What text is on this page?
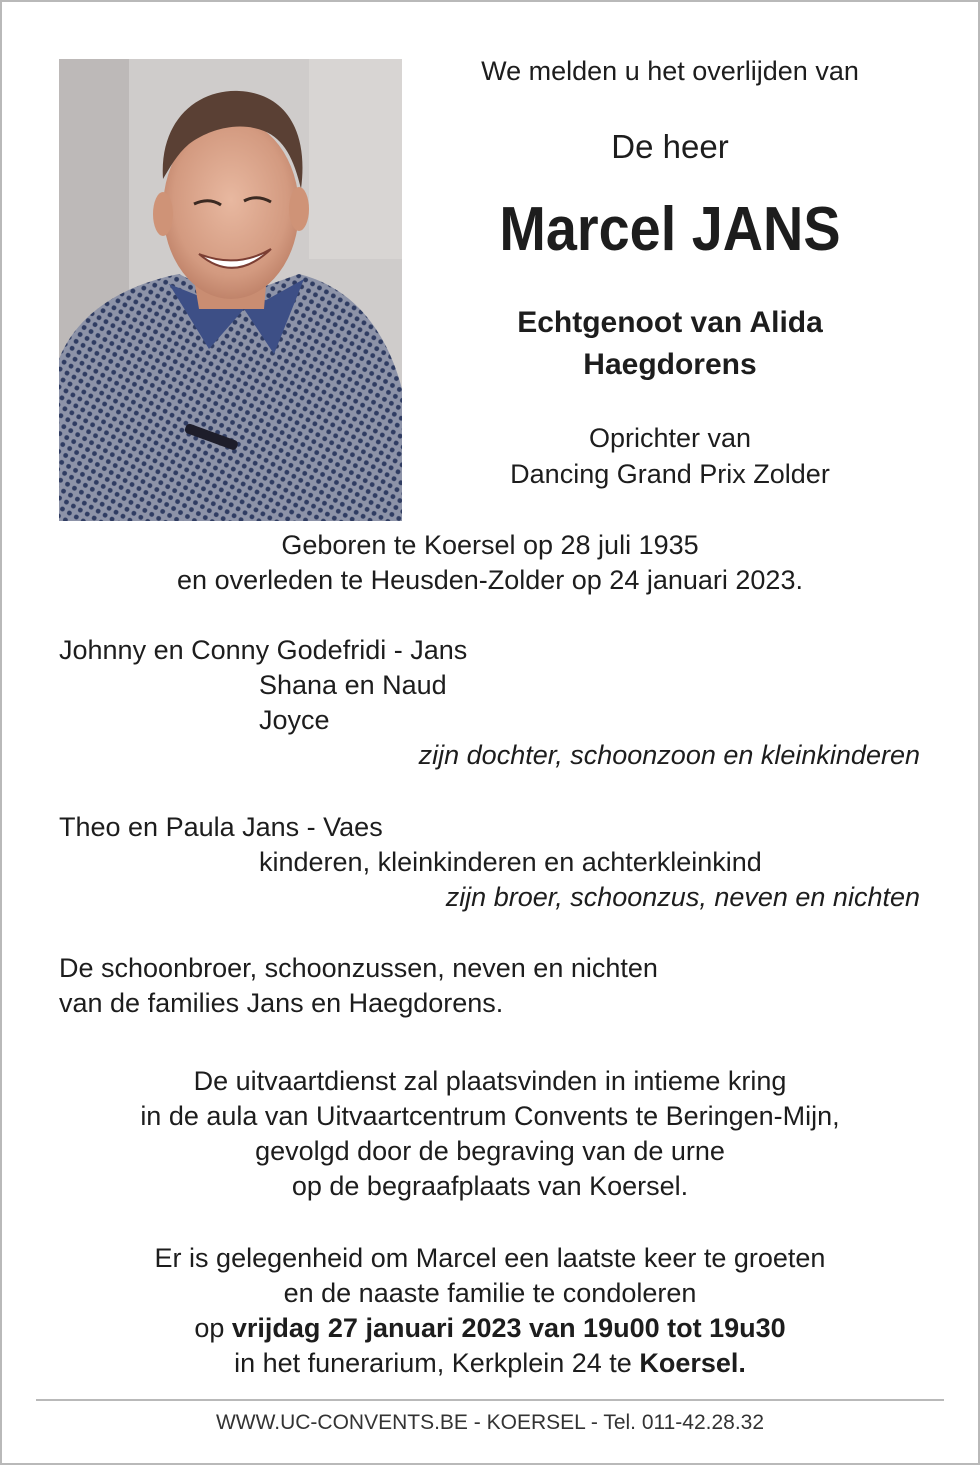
We melden u het overlijden van
De heer
Marcel JANS
Echtgenoot van Alida
Haegdorens
Oprichter van
Dancing Grand Prix Zolder
Geboren te Koersel op 28 juli 1935
en overleden te Heusden-Zolder op 24 januari 2023.
Johnny en Conny Godefridi - Jans
Shana en Naud
Joyce
zijn dochter, schoonzoon en kleinkinderen
Theo en Paula Jans - Vaes
kinderen, kleinkinderen en achterkleinkind
zijn broer, schoonzus, neven en nichten
De schoonbroer, schoonzussen, neven en nichten
van de families Jans en Haegdorens.
De uitvaartdienst zal plaatsvinden in intieme kring
in de aula van Uitvaartcentrum Convents te Beringen-Mijn,
gevolgd door de begraving van de urne
op de begraafplaats van Koersel.
Er is gelegenheid om Marcel een laatste keer te groeten
en de naaste familie te condoleren
op vrijdag 27 januari 2023 van 19u00 tot 19u30
in het funerarium, Kerkplein 24 te Koersel.
WWW.UC-CONVENTS.BE - KOERSEL - Tel. 011-42.28.32
